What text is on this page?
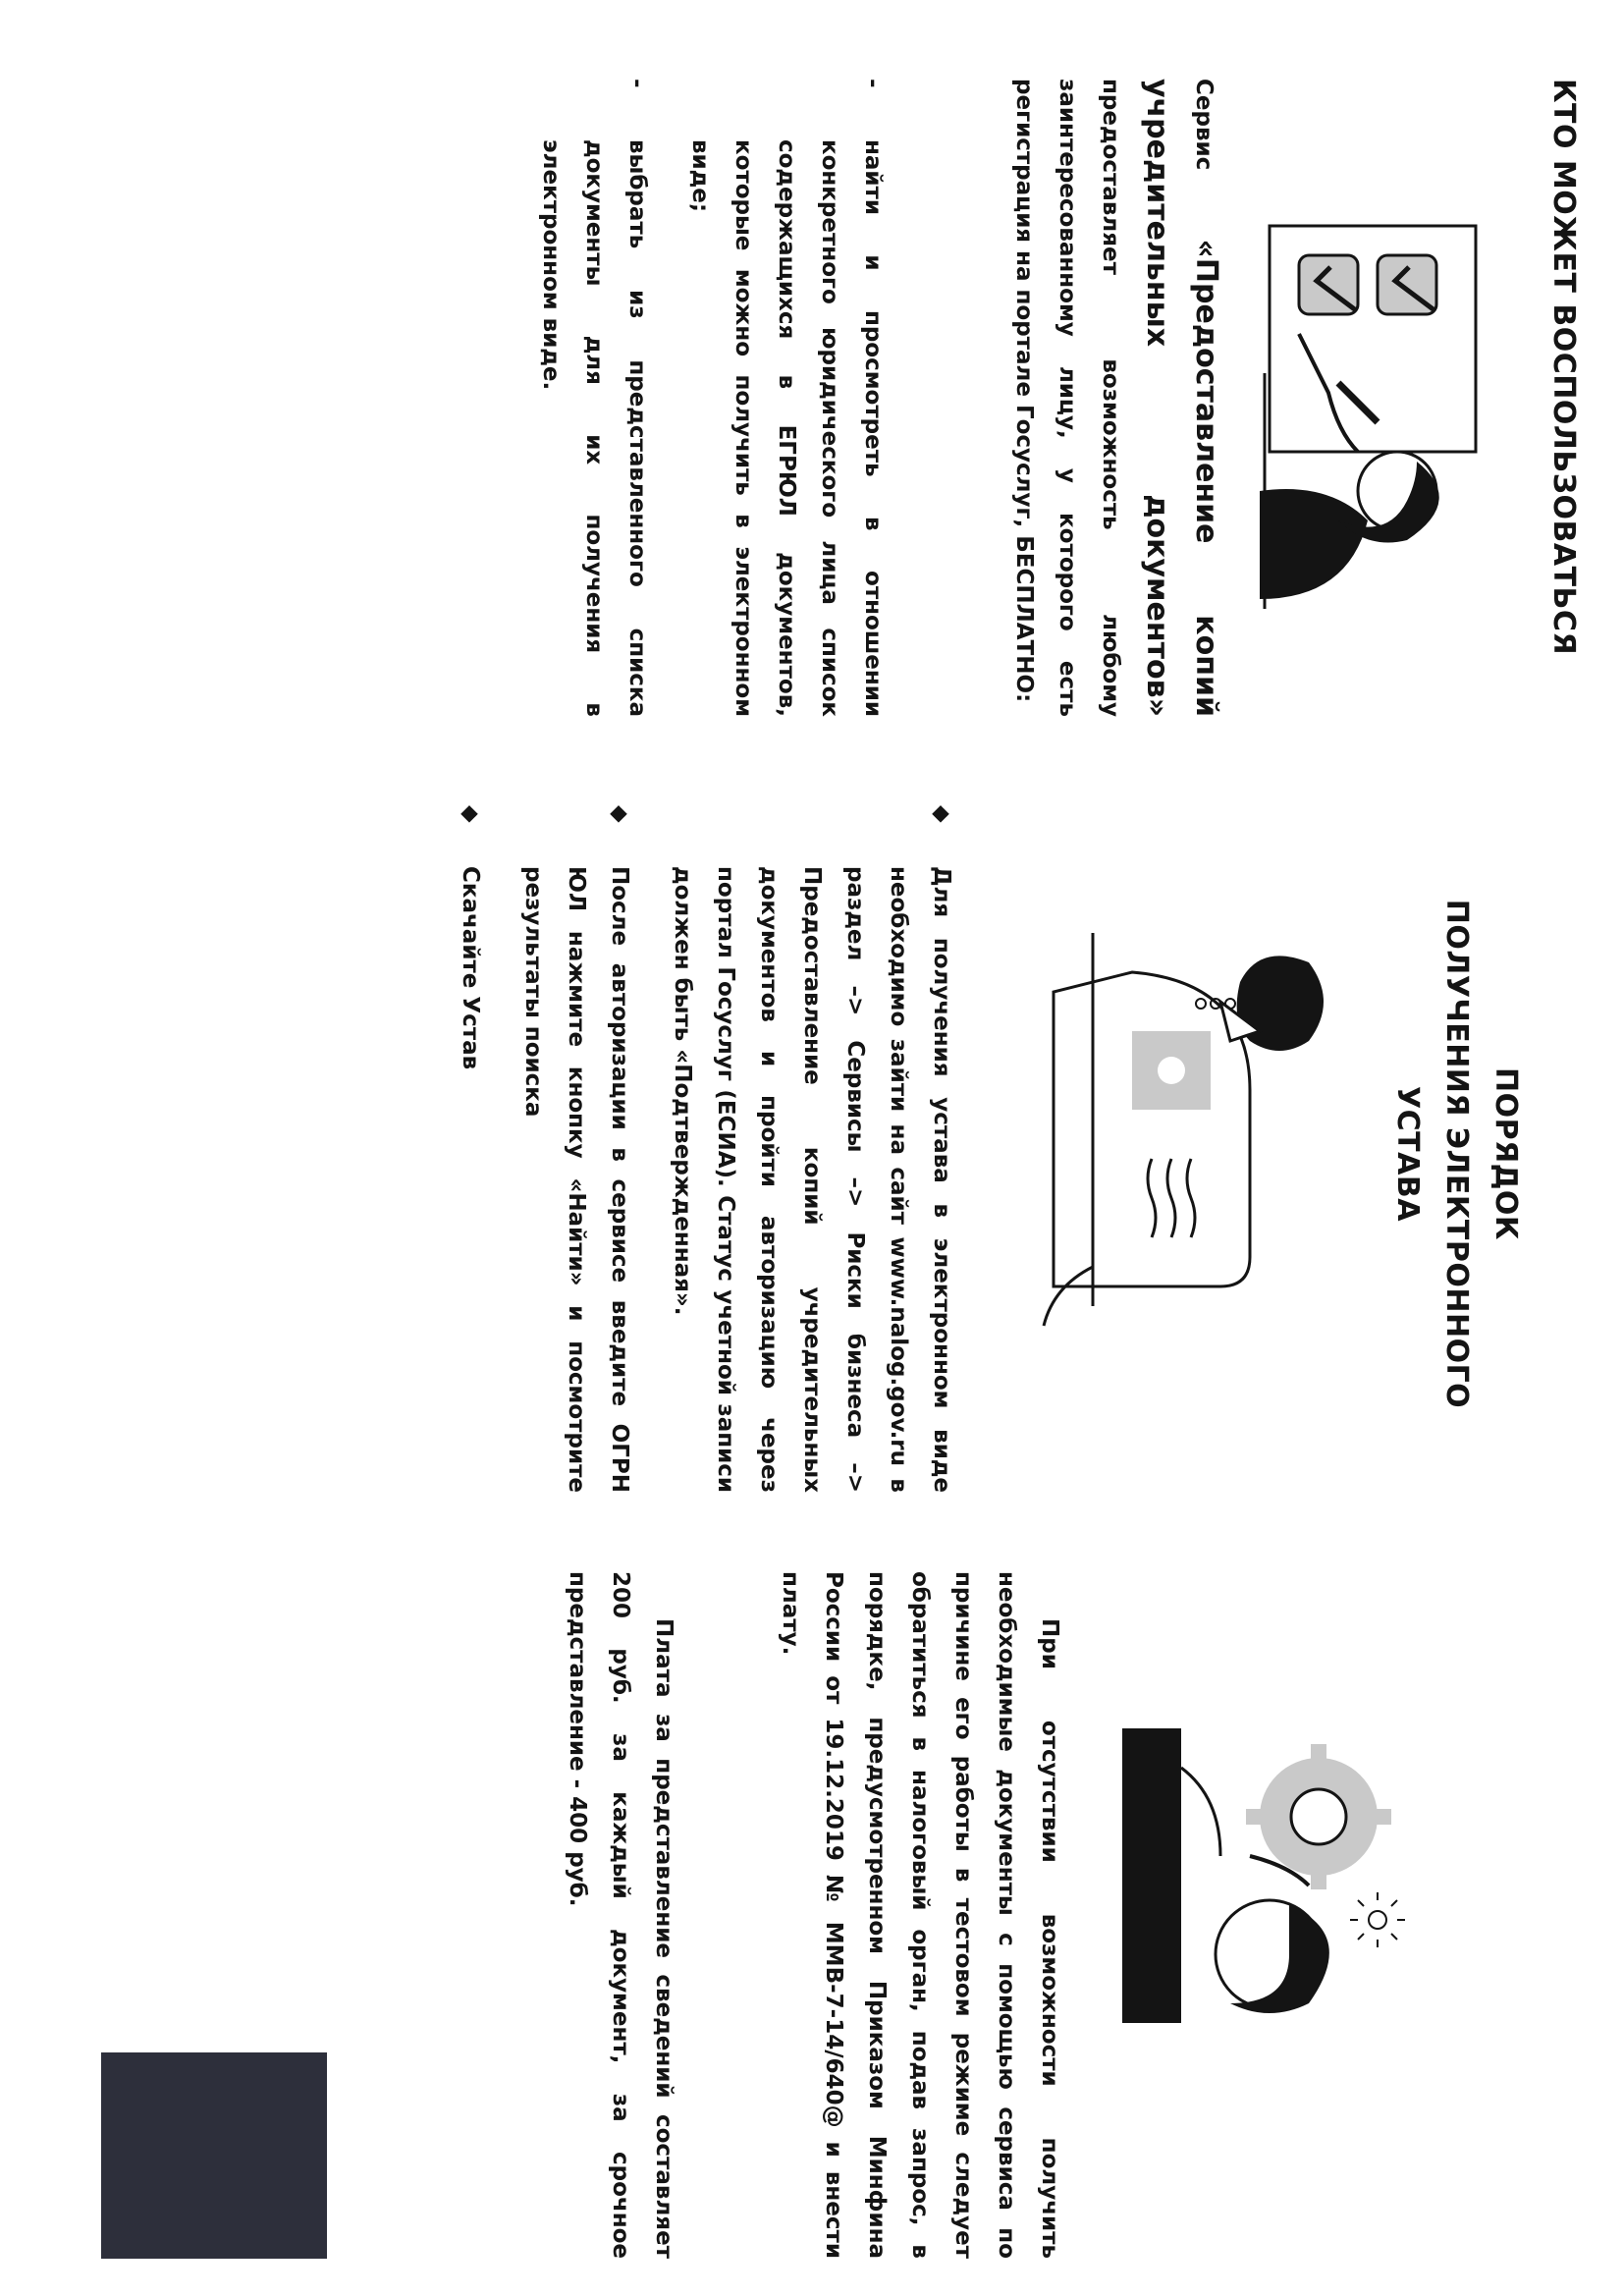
КТО МОЖЕТ ВОСПОЛЬЗОВАТЬСЯ
Сервис «Предоставление копий учредительных документов» предоставляет возможность любому заинтересованному лицу, у которого есть регистрация на портале Госуслуг, БЕСПЛАТНО:
-
найти и просмотреть в отношении конкретного юридического лица список содержащихся в ЕГРЮЛ документов, которые можно получить в электронном виде;
-
выбрать из представленного списка документы для их получения в электронном виде.
ПОРЯДОК
ПОЛУЧЕНИЯ ЭЛЕКТРОННОГО УСТАВА
◆
Для получения устава в электронном виде необходимо зайти на сайт www.nalog.gov.ru в раздел –> Сервисы –> Риски бизнеса –> Предоставление копий учредительных документов и пройти авторизацию через портал Госуслуг (ЕСИА). Статус учетной записи должен быть «Подтвержденная».
◆
После авторизации в сервисе введите ОГРН ЮЛ нажмите кнопку «Найти» и посмотрите результаты поиска
◆
Скачайте Устав
При отсутствии возможности получить необходимые документы с помощью сервиса по причине его работы в тестовом режиме следует обратиться в налоговый орган, подав запрос, в порядке, предусмотренном Приказом Минфина России от 19.12.2019 № ММВ-7-14/640@ и внести плату.
Плата за представление сведений составляет 200 руб. за каждый документ, за срочное представление - 400 руб.
